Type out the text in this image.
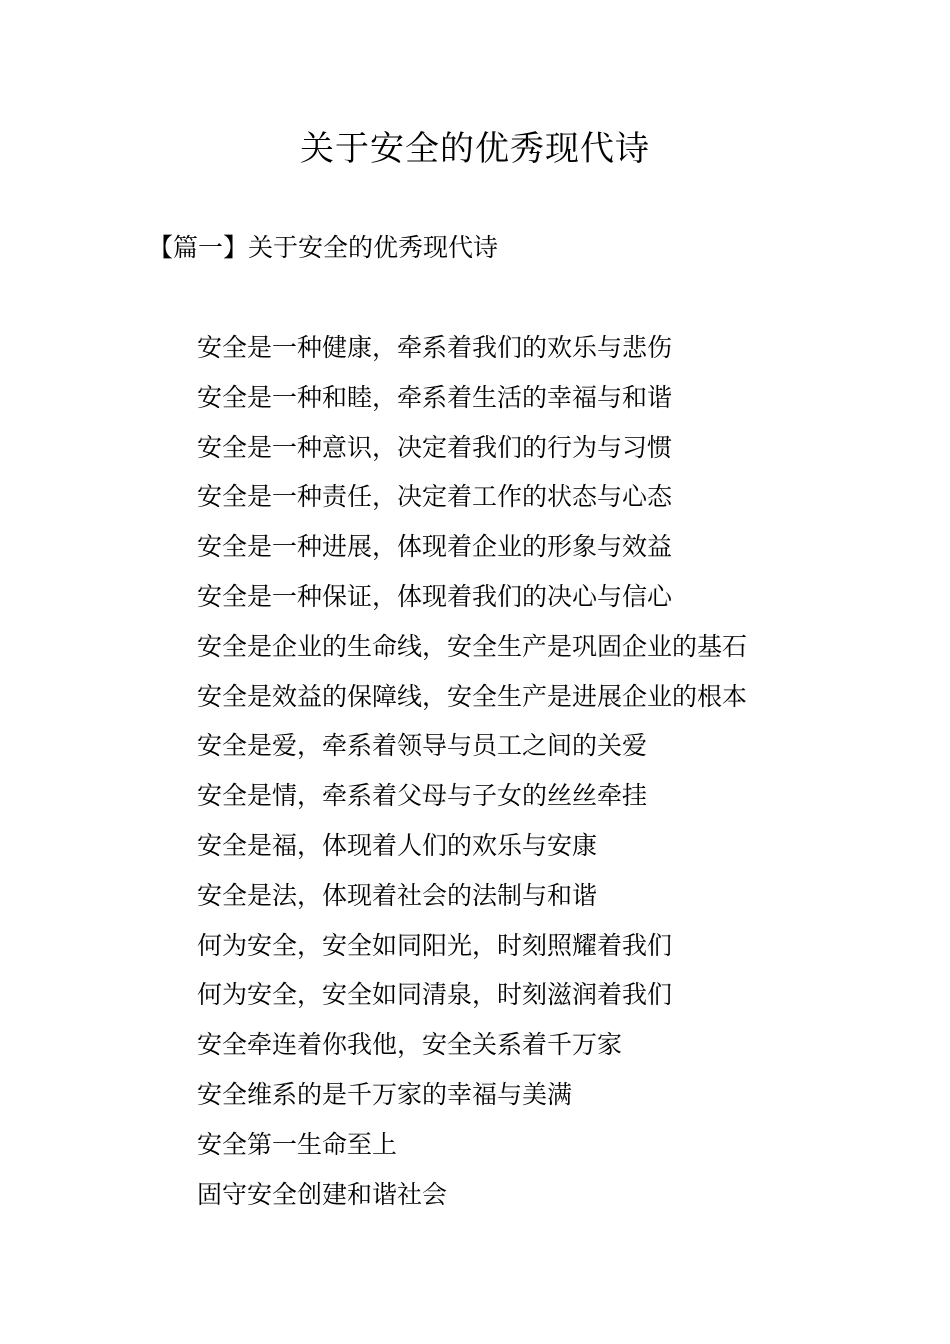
关于安全的优秀现代诗
【篇一】关于安全的优秀现代诗
安全是一种健康，牵系着我们的欢乐与悲伤
安全是一种和睦，牵系着生活的幸福与和谐
安全是一种意识，决定着我们的行为与习惯
安全是一种责任，决定着工作的状态与心态
安全是一种进展，体现着企业的形象与效益
安全是一种保证，体现着我们的决心与信心
安全是企业的生命线，安全生产是巩固企业的基石
安全是效益的保障线，安全生产是进展企业的根本
安全是爱，牵系着领导与员工之间的关爱
安全是情，牵系着父母与子女的丝丝牵挂
安全是福，体现着人们的欢乐与安康
安全是法，体现着社会的法制与和谐
何为安全，安全如同阳光，时刻照耀着我们
何为安全，安全如同清泉，时刻滋润着我们
安全牵连着你我他，安全关系着千万家
安全维系的是千万家的幸福与美满
安全第一生命至上
固守安全创建和谐社会
